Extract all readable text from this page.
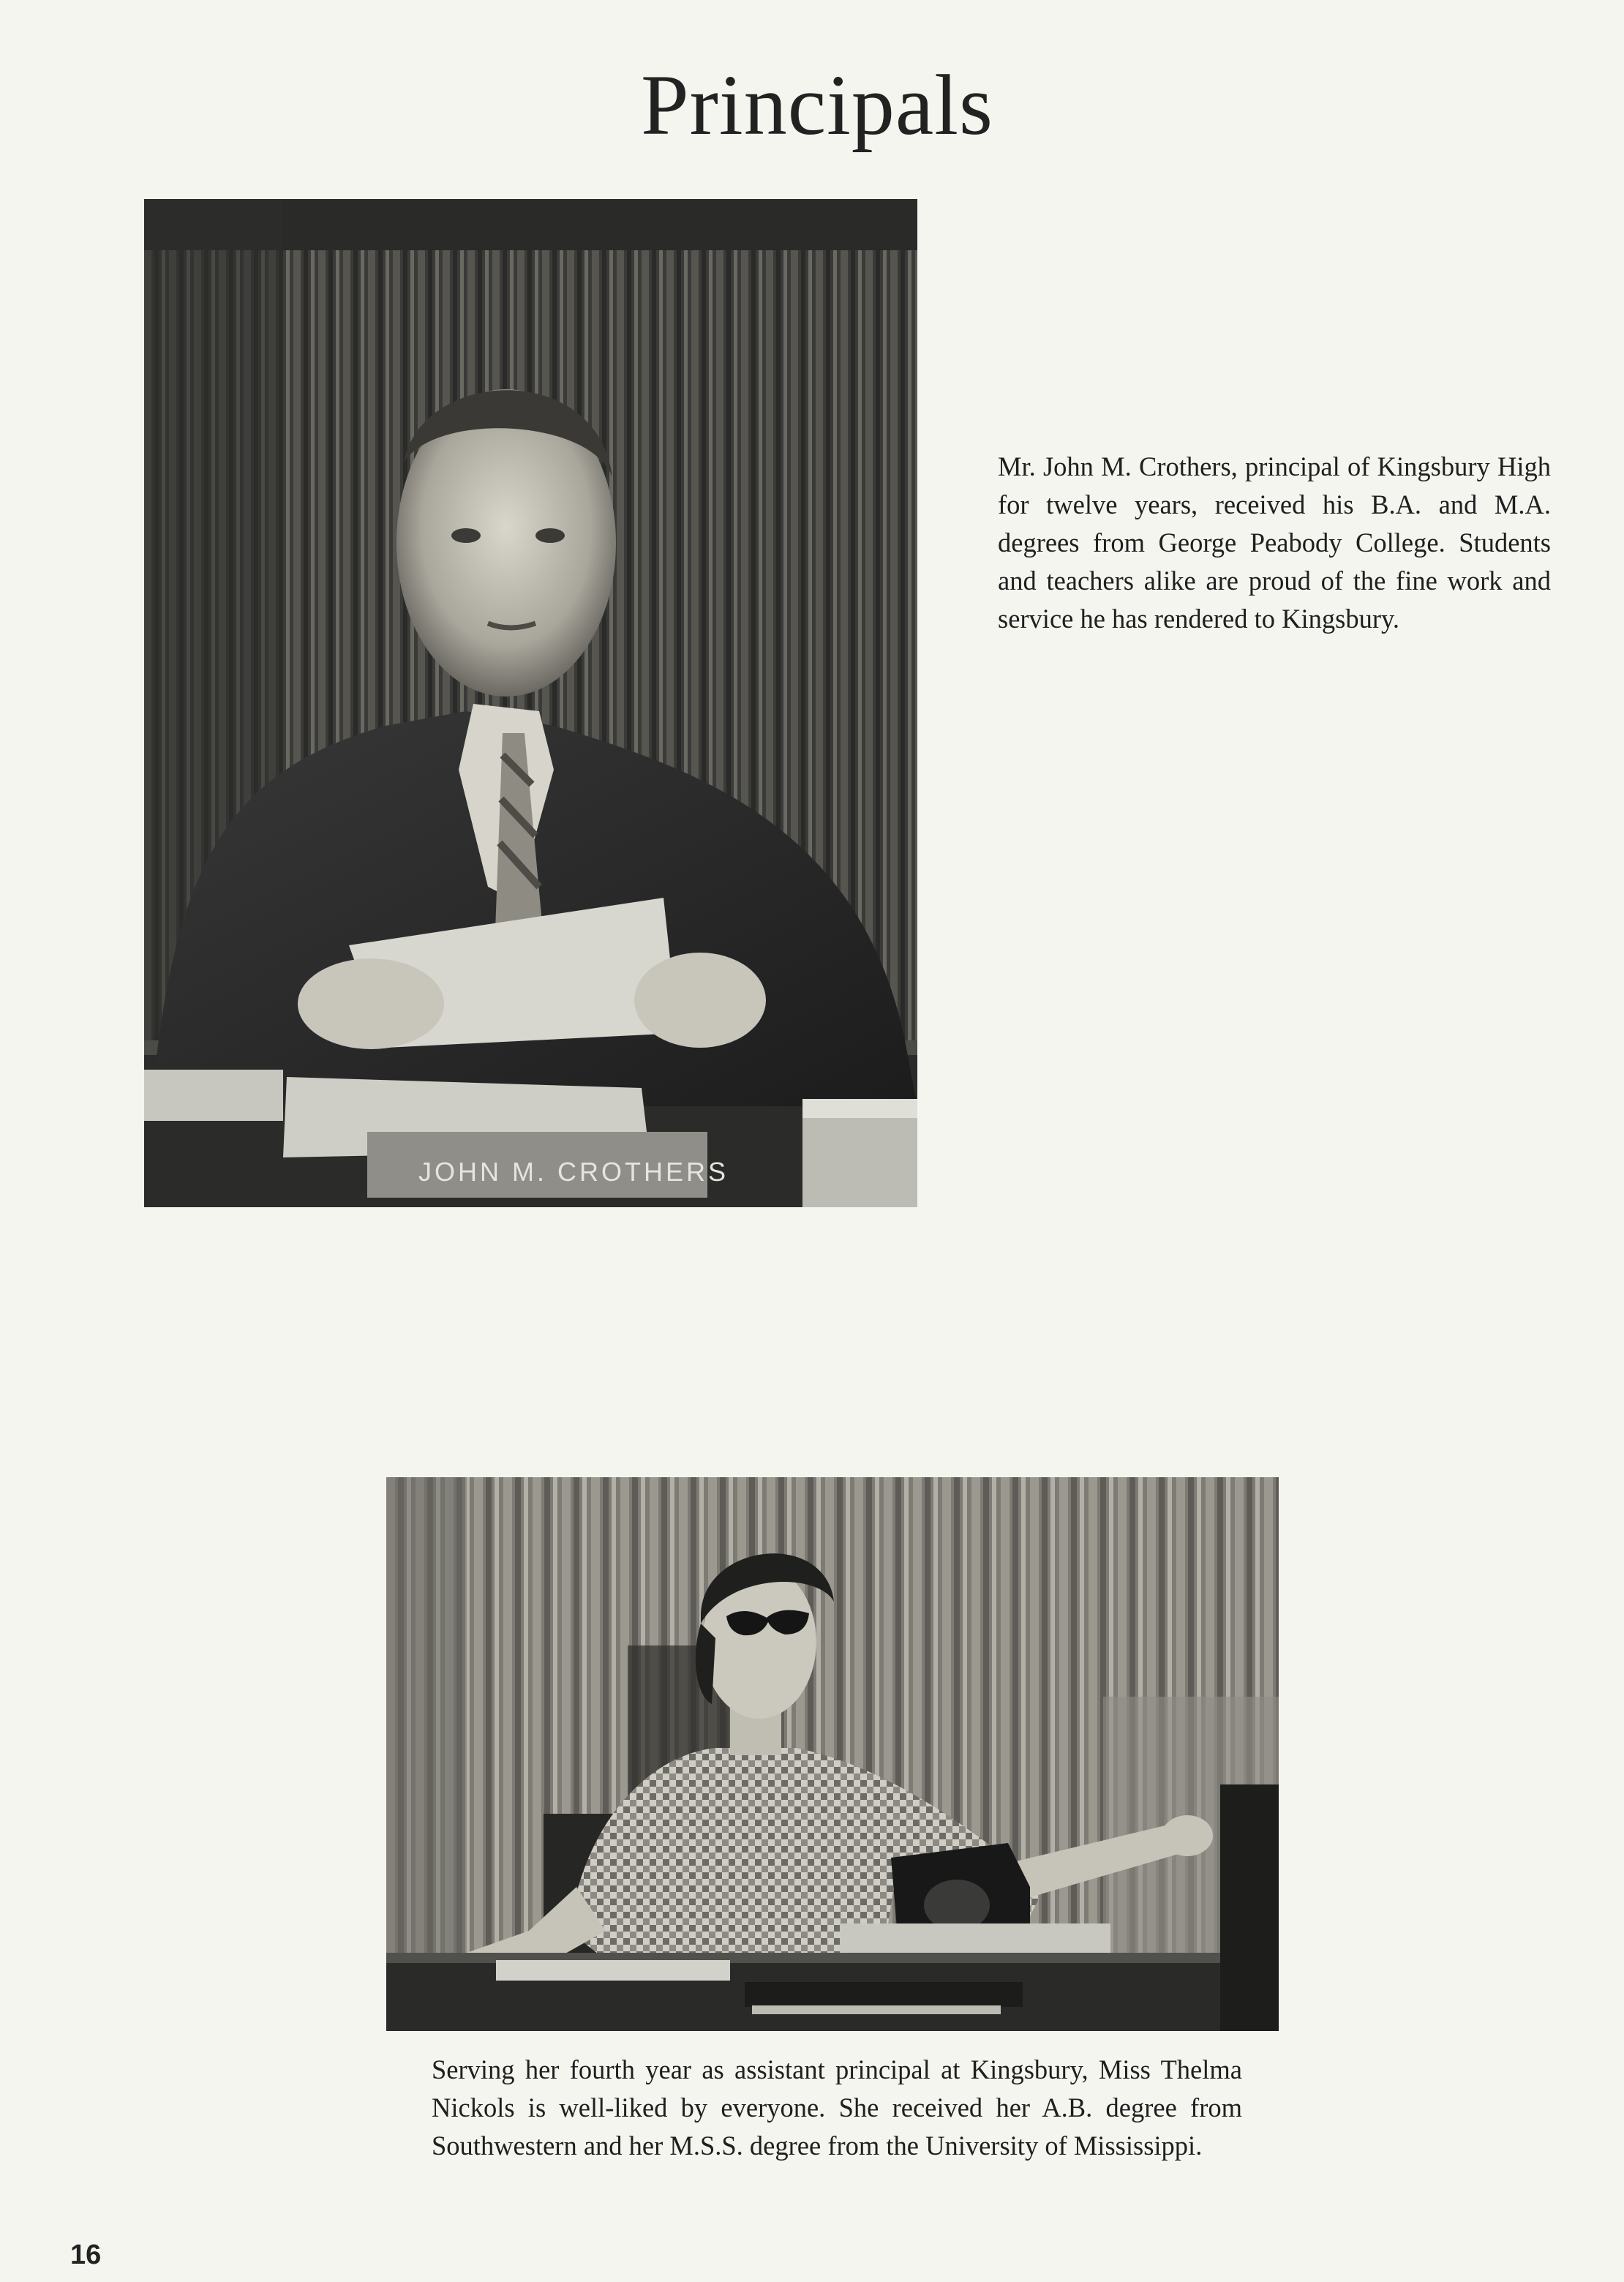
Principals
JOHN M. CROTHERS

Mr. John M. Crothers, principal of Kingsbury High for twelve years, received his B.A. and M.A. degrees from George Peabody College. Students and teachers alike are proud of the fine work and service he has rendered to Kingsbury.

Serving her fourth year as assistant principal at Kingsbury, Miss Thelma Nickols is well-liked by everyone. She received her A.B. degree from Southwestern and her M.S.S. degree from the University of Mississippi.

16
